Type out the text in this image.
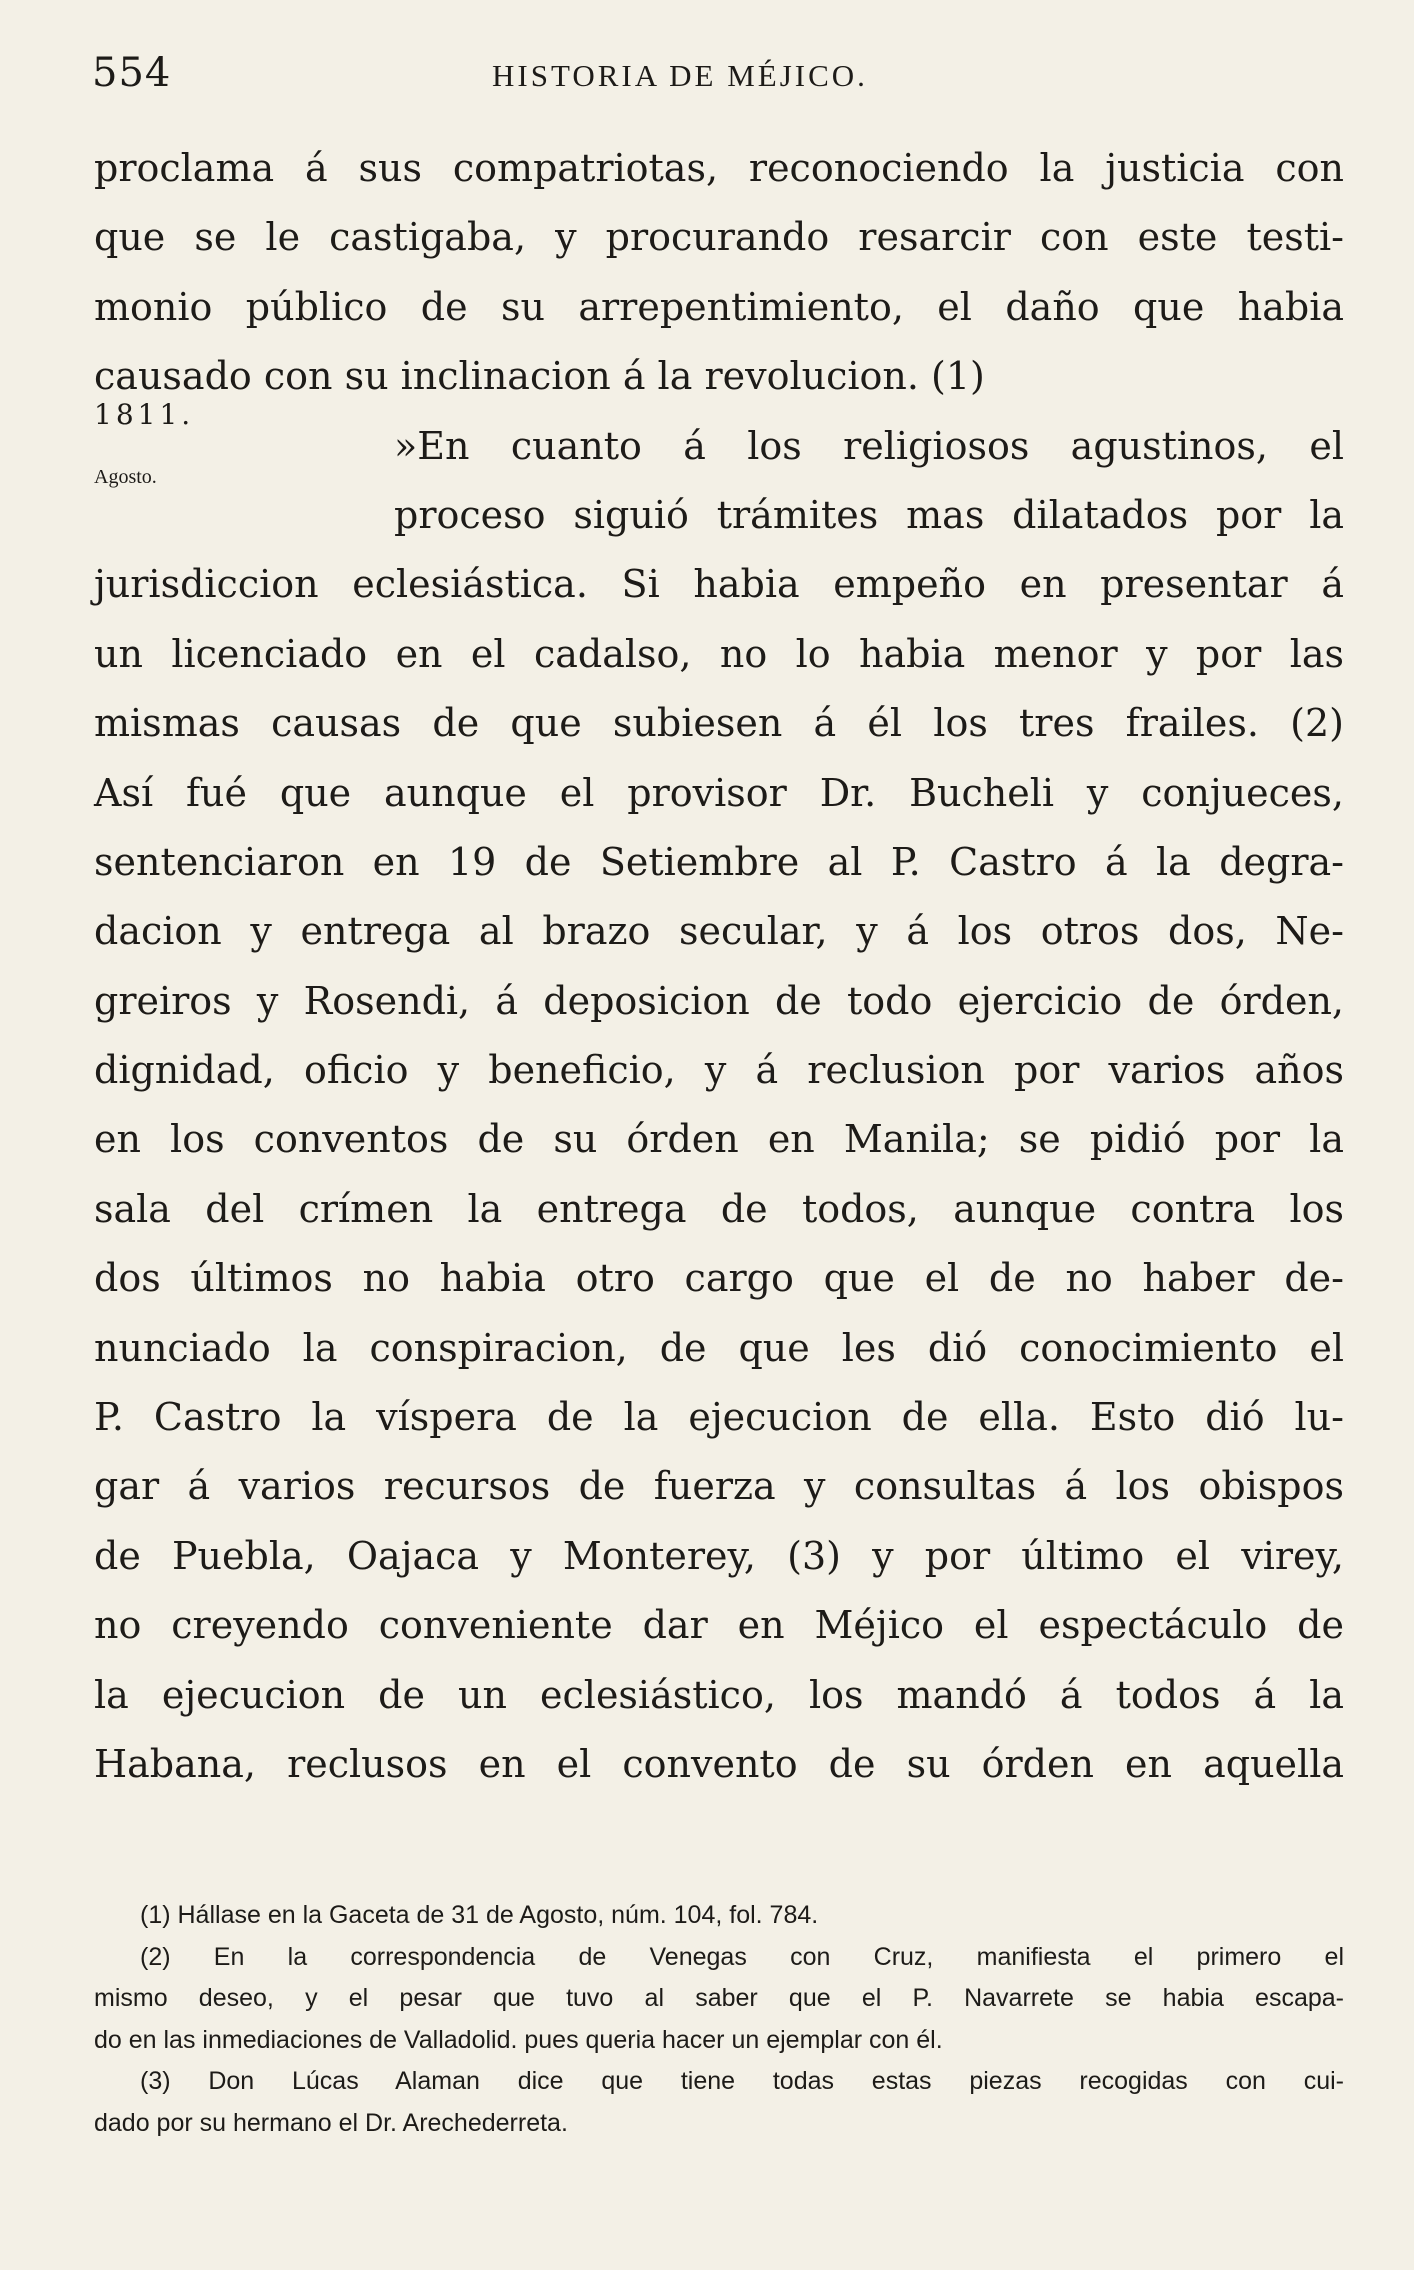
554	HISTORIA DE MÉJICO.
1811.
Agosto.
proclama á sus compatriotas, reconociendo la justicia con
que se le castigaba, y procurando resarcir con este testi-
monio público de su arrepentimiento, el daño que habia
causado con su inclinacion á la revolucion. (1)
»En cuanto á los religiosos agustinos, el
proceso siguió trámites mas dilatados por la
jurisdiccion eclesiástica. Si habia empeño en presentar á
un licenciado en el cadalso, no lo habia menor y por las
mismas causas de que subiesen á él los tres frailes. (2)
Así fué que aunque el provisor Dr. Bucheli y conjueces,
sentenciaron en 19 de Setiembre al P. Castro á la degra-
dacion y entrega al brazo secular, y á los otros dos, Ne-
greiros y Rosendi, á deposicion de todo ejercicio de órden,
dignidad, oficio y beneficio, y á reclusion por varios años
en los conventos de su órden en Manila; se pidió por la
sala del crímen la entrega de todos, aunque contra los
dos últimos no habia otro cargo que el de no haber de-
nunciado la conspiracion, de que les dió conocimiento el
P. Castro la víspera de la ejecucion de ella. Esto dió lu-
gar á varios recursos de fuerza y consultas á los obispos
de Puebla, Oajaca y Monterey, (3) y por último el virey,
no creyendo conveniente dar en Méjico el espectáculo de
la ejecucion de un eclesiástico, los mandó á todos á la
Habana, reclusos en el convento de su órden en aquella
(1) Hállase en la Gaceta de 31 de Agosto, núm. 104, fol. 784.
(2) En la correspondencia de Venegas con Cruz, manifiesta el primero el
mismo deseo, y el pesar que tuvo al saber que el P. Navarrete se habia escapa-
do en las inmediaciones de Valladolid. pues queria hacer un ejemplar con él.
(3) Don Lúcas Alaman dice que tiene todas estas piezas recogidas con cui-
dado por su hermano el Dr. Arechederreta.
